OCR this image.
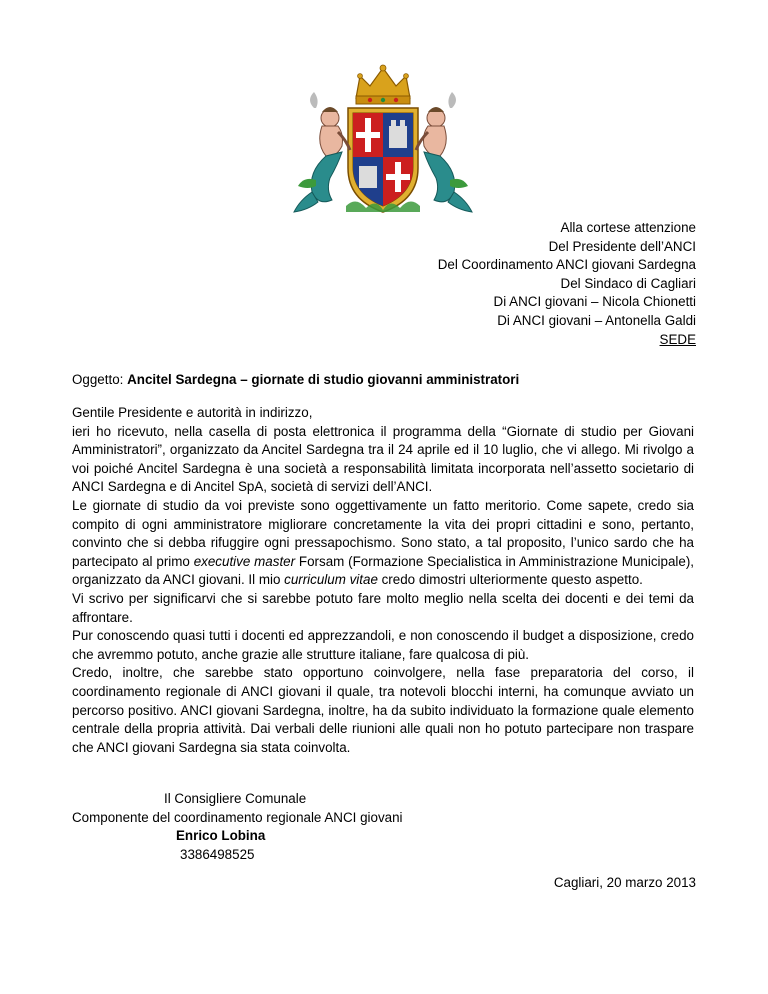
Alla cortese attenzione
Del Presidente dell’ANCI
Del Coordinamento ANCI giovani Sardegna
Del Sindaco di Cagliari
Di ANCI giovani – Nicola Chionetti
Di ANCI giovani – Antonella Galdi
SEDE
Oggetto: Ancitel Sardegna – giornate di studio giovanni amministratori

Gentile Presidente e autorità in indirizzo,

ieri ho ricevuto, nella casella di posta elettronica il programma della “Giornate di studio per Giovani Amministratori”, organizzato da Ancitel Sardegna tra il 24 aprile ed il 10 luglio, che vi allego. Mi rivolgo a voi poiché Ancitel Sardegna è una società a responsabilità limitata incorporata nell’assetto societario di ANCI Sardegna e di Ancitel SpA, società di servizi dell’ANCI.

Le giornate di studio da voi previste sono oggettivamente un fatto meritorio. Come sapete, credo sia compito di ogni amministratore migliorare concretamente la vita dei propri cittadini e sono, pertanto, convinto che si debba rifuggire ogni pressapochismo. Sono stato, a tal proposito, l’unico sardo che ha partecipato al primo executive master Forsam (Formazione Specialistica in Amministrazione Municipale), organizzato da ANCI giovani. Il mio curriculum vitae credo dimostri ulteriormente questo aspetto.

Vi scrivo per significarvi che si sarebbe potuto fare molto meglio nella scelta dei docenti e dei temi da affrontare.

Pur conoscendo quasi tutti i docenti ed apprezzandoli, e non conoscendo il budget a disposizione, credo che avremmo potuto, anche grazie alle strutture italiane, fare qualcosa di più.

Credo, inoltre, che sarebbe stato opportuno coinvolgere, nella fase preparatoria del corso, il coordinamento regionale di ANCI giovani il quale, tra notevoli blocchi interni, ha comunque avviato un percorso positivo. ANCI giovani Sardegna, inoltre, ha da subito individuato la formazione quale elemento centrale della propria attività. Dai verbali delle riunioni alle quali non ho potuto partecipare non traspare che ANCI giovani Sardegna sia stata coinvolta.

Il Consigliere Comunale
Componente del coordinamento regionale ANCI giovani
Enrico Lobina
3386498525
Cagliari, 20 marzo 2013
